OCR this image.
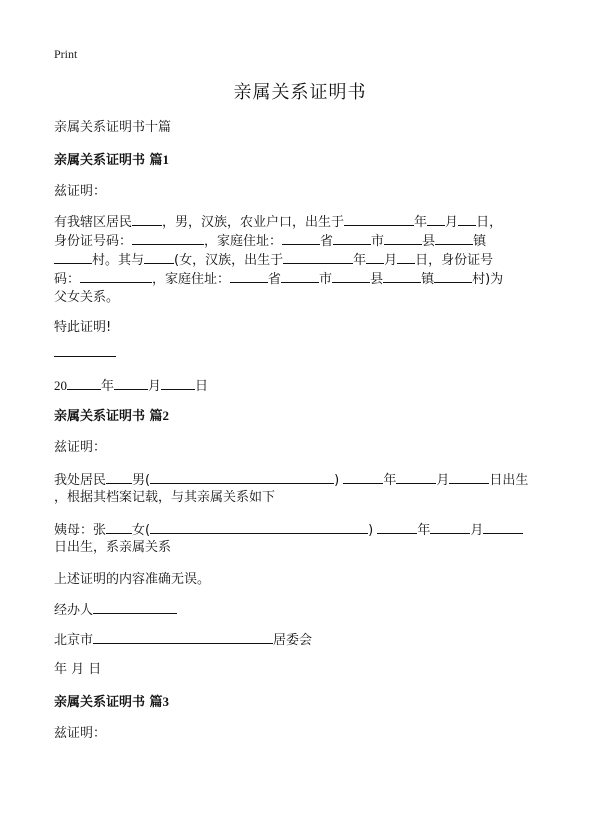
Print
亲属关系证明书
亲属关系证明书十篇
亲属关系证明书 篇1
兹证明：
有我辖区居民 ，男，汉族，农业户口，出生于	年 月 日，
身份证号码：	，家庭住址：	省	市	县	镇
村。其与 (女，汉族，出生于	年 月 日，身份证号
码：	，家庭住址：	省	市	县	镇	村)为
父女关系。
特此证明!
20	年	月	日
亲属关系证明书 篇2
兹证明：
我处居民 男(	)	年	月	日出生
，根据其档案记载，与其亲属关系如下
姨母：张 女(	)	年	月
日出生，系亲属关系
上述证明的内容准确无误。
经办人
北京市	居委会
年 月 日
亲属关系证明书 篇3
兹证明：
